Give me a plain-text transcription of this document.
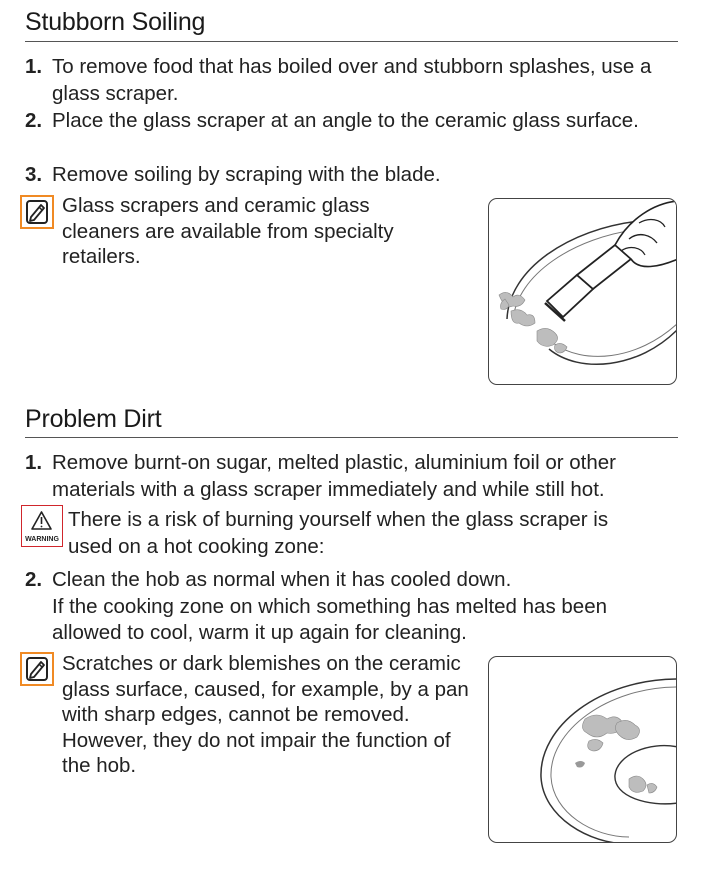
Stubborn Soiling
1. To remove food that has boiled over and stubborn splashes, use a glass scraper.
2. Place the glass scraper at an angle to the ceramic glass surface.
3. Remove soiling by scraping with the blade.
Glass scrapers and ceramic glass cleaners are available from specialty retailers.
Problem Dirt
1. Remove burnt-on sugar, melted plastic, aluminium foil or other materials with a glass scraper immediately and while still hot.
WARNING
There is a risk of burning yourself when the glass scraper is used on a hot cooking zone:
2. Clean the hob as normal when it has cooled down.
If the cooking zone on which something has melted has been allowed to cool, warm it up again for cleaning.
Scratches or dark blemishes on the ceramic glass surface, caused, for example, by a pan with sharp edges, cannot be removed. However, they do not impair the function of the hob.
